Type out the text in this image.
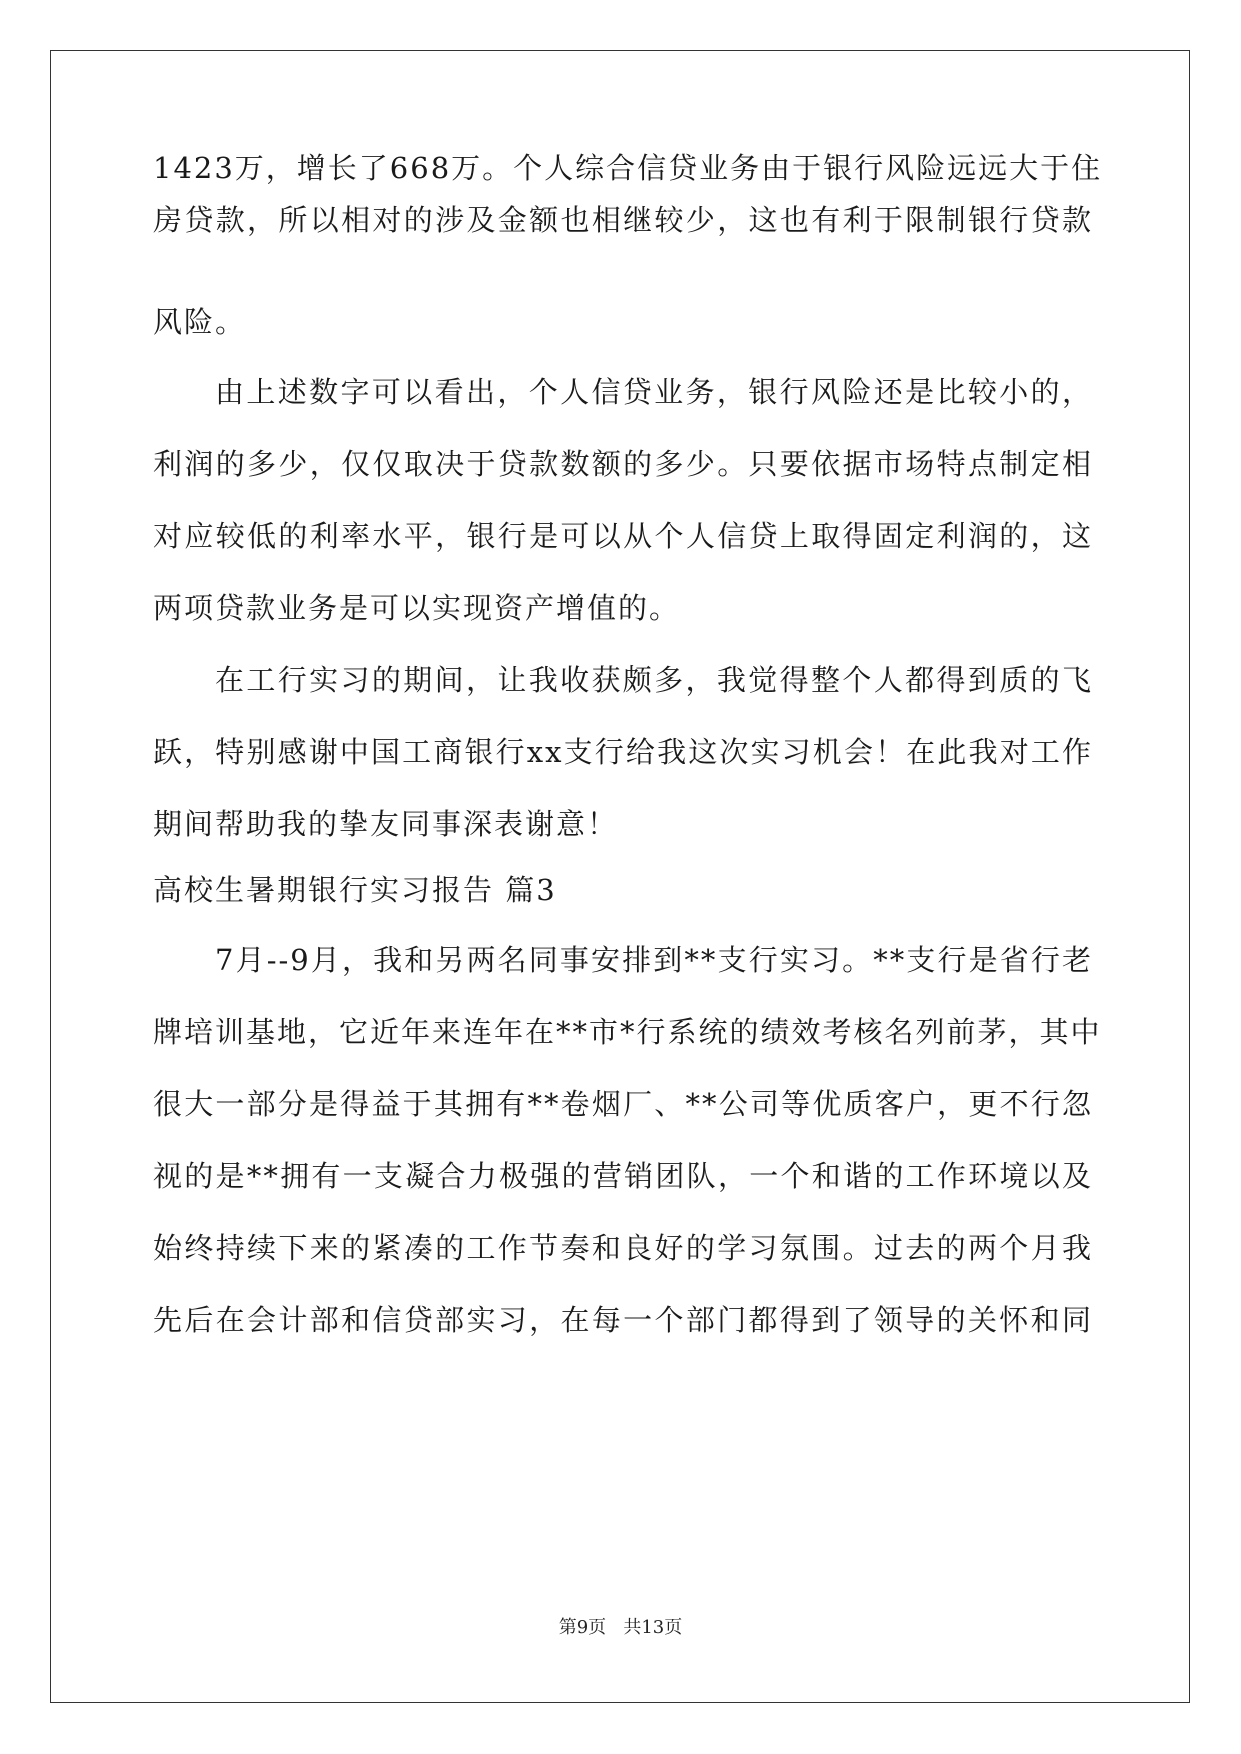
1423万，增长了668万。个人综合信贷业务由于银行风险远远大于住
房贷款，所以相对的涉及金额也相继较少，这也有利于限制银行贷款
风险。
由上述数字可以看出，个人信贷业务，银行风险还是比较小的，
利润的多少，仅仅取决于贷款数额的多少。只要依据市场特点制定相
对应较低的利率水平，银行是可以从个人信贷上取得固定利润的，这
两项贷款业务是可以实现资产增值的。
在工行实习的期间，让我收获颇多，我觉得整个人都得到质的飞
跃，特别感谢中国工商银行xx支行给我这次实习机会！在此我对工作
期间帮助我的挚友同事深表谢意！
高校生暑期银行实习报告 篇3
7月--9月，我和另两名同事安排到**支行实习。**支行是省行老
牌培训基地，它近年来连年在**市*行系统的绩效考核名列前茅，其中
很大一部分是得益于其拥有**卷烟厂、**公司等优质客户，更不行忽
视的是**拥有一支凝合力极强的营销团队，一个和谐的工作环境以及
始终持续下来的紧凑的工作节奏和良好的学习氛围。过去的两个月我
先后在会计部和信贷部实习，在每一个部门都得到了领导的关怀和同
第9页 共13页
